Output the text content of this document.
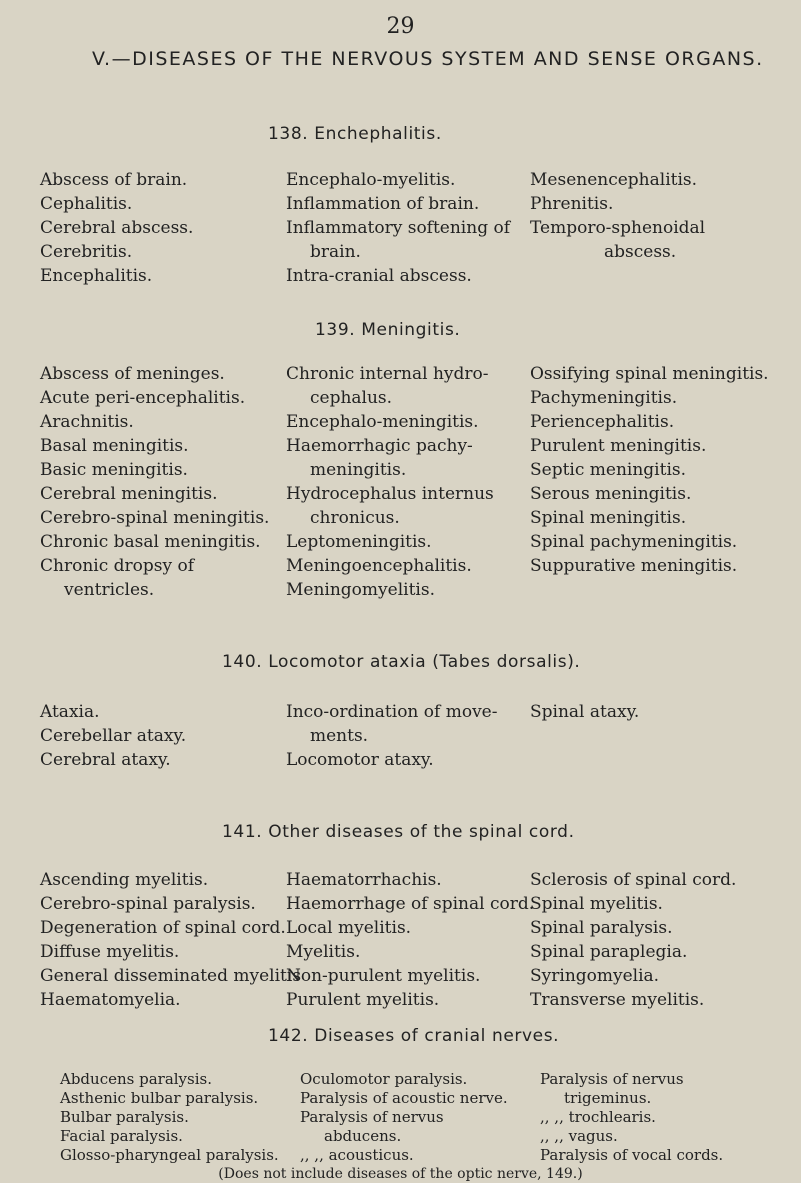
29
V.—DISEASES OF THE NERVOUS SYSTEM AND SENSE ORGANS.
138. Enchephalitis.
Abscess of brain.
Cephalitis.
Cerebral abscess.
Cerebritis.
Encephalitis.
Encephalo-myelitis.
Inflammation of brain.
Inflammatory softening of
brain.
Intra-cranial abscess.
Mesenencephalitis.
Phrenitis.
Temporo-sphenoidal
abscess.
139. Meningitis.
Abscess of meninges.
Acute peri-encephalitis.
Arachnitis.
Basal meningitis.
Basic meningitis.
Cerebral meningitis.
Cerebro-spinal meningitis.
Chronic basal meningitis.
Chronic dropsy of
ventricles.
Chronic internal hydro-
cephalus.
Encephalo-meningitis.
Haemorrhagic pachy-
meningitis.
Hydrocephalus internus
chronicus.
Leptomeningitis.
Meningoencephalitis.
Meningomyelitis.
Ossifying spinal meningitis.
Pachymeningitis.
Periencephalitis.
Purulent meningitis.
Septic meningitis.
Serous meningitis.
Spinal meningitis.
Spinal pachymeningitis.
Suppurative meningitis.
140. Locomotor ataxia (Tabes dorsalis).
Ataxia.
Cerebellar ataxy.
Cerebral ataxy.
Inco-ordination of move-
ments.
Locomotor ataxy.
Spinal ataxy.
141. Other diseases of the spinal cord.
Ascending myelitis.
Cerebro-spinal paralysis.
Degeneration of spinal cord.
Diffuse myelitis.
General disseminated myelitis
Haematomyelia.
Haematorrhachis.
Haemorrhage of spinal cord.
Local myelitis.
Myelitis.
Non-purulent myelitis.
Purulent myelitis.
Sclerosis of spinal cord.
Spinal myelitis.
Spinal paralysis.
Spinal paraplegia.
Syringomyelia.
Transverse myelitis.
142. Diseases of cranial nerves.
Abducens paralysis.
Asthenic bulbar paralysis.
Bulbar paralysis.
Facial paralysis.
Glosso-pharyngeal paralysis.
Oculomotor paralysis.
Paralysis of acoustic nerve.
Paralysis of nervus
abducens.
,, ,, acousticus.
Paralysis of nervus
trigeminus.
,, ,, trochlearis.
,, ,, vagus.
Paralysis of vocal cords.
(Does not include diseases of the optic nerve, 149.)
